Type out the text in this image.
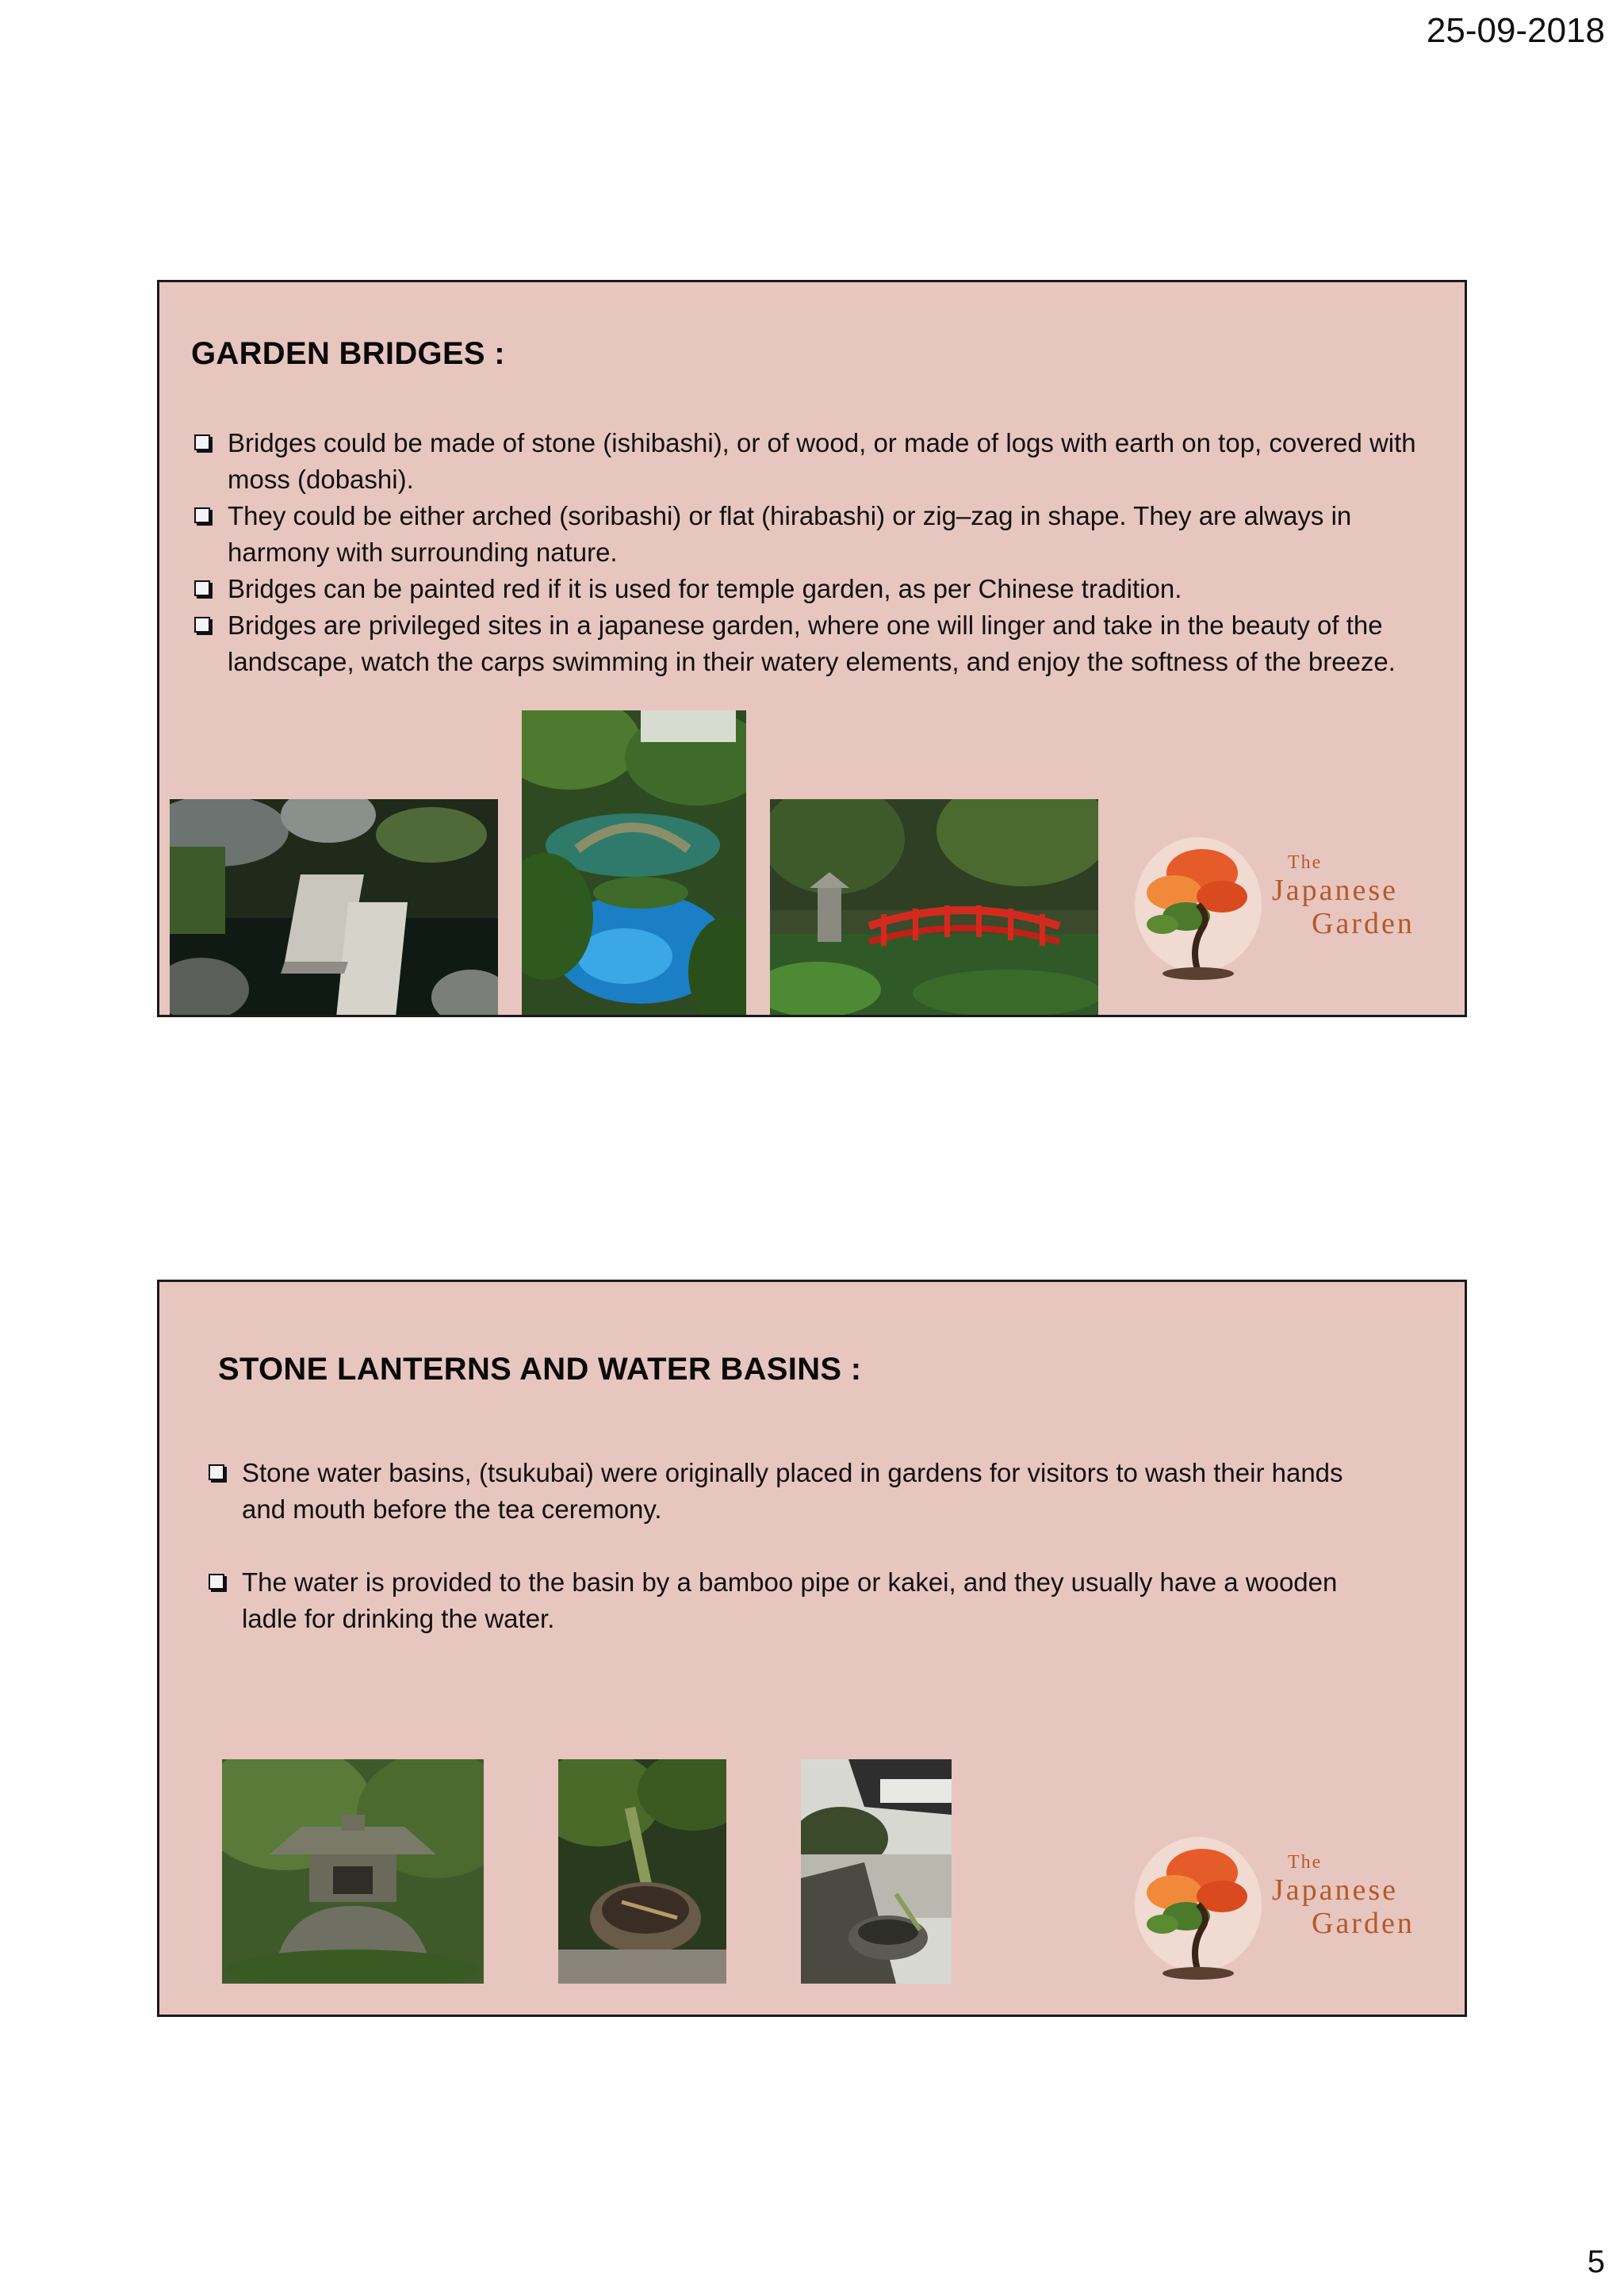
25-09-2018
GARDEN BRIDGES :
Bridges could be made of stone (ishibashi), or of wood, or made of logs with earth on top, covered with moss (dobashi).
They could be either arched (soribashi) or flat (hirabashi) or zig–zag in shape. They are always in harmony with surrounding nature.
Bridges can be painted red if it is used for temple garden, as per Chinese tradition.
Bridges are privileged sites in a japanese garden, where one will linger and take in the beauty of the landscape, watch the carps swimming in their watery elements, and enjoy the softness of the breeze.
The
Japanese
Garden
STONE LANTERNS AND WATER BASINS :
Stone water basins, (tsukubai) were originally placed in gardens for visitors to wash their hands and mouth before the tea ceremony.
The water is provided to the basin by a bamboo pipe or kakei, and they usually have a wooden ladle for drinking the water.
The
Japanese
Garden
5
